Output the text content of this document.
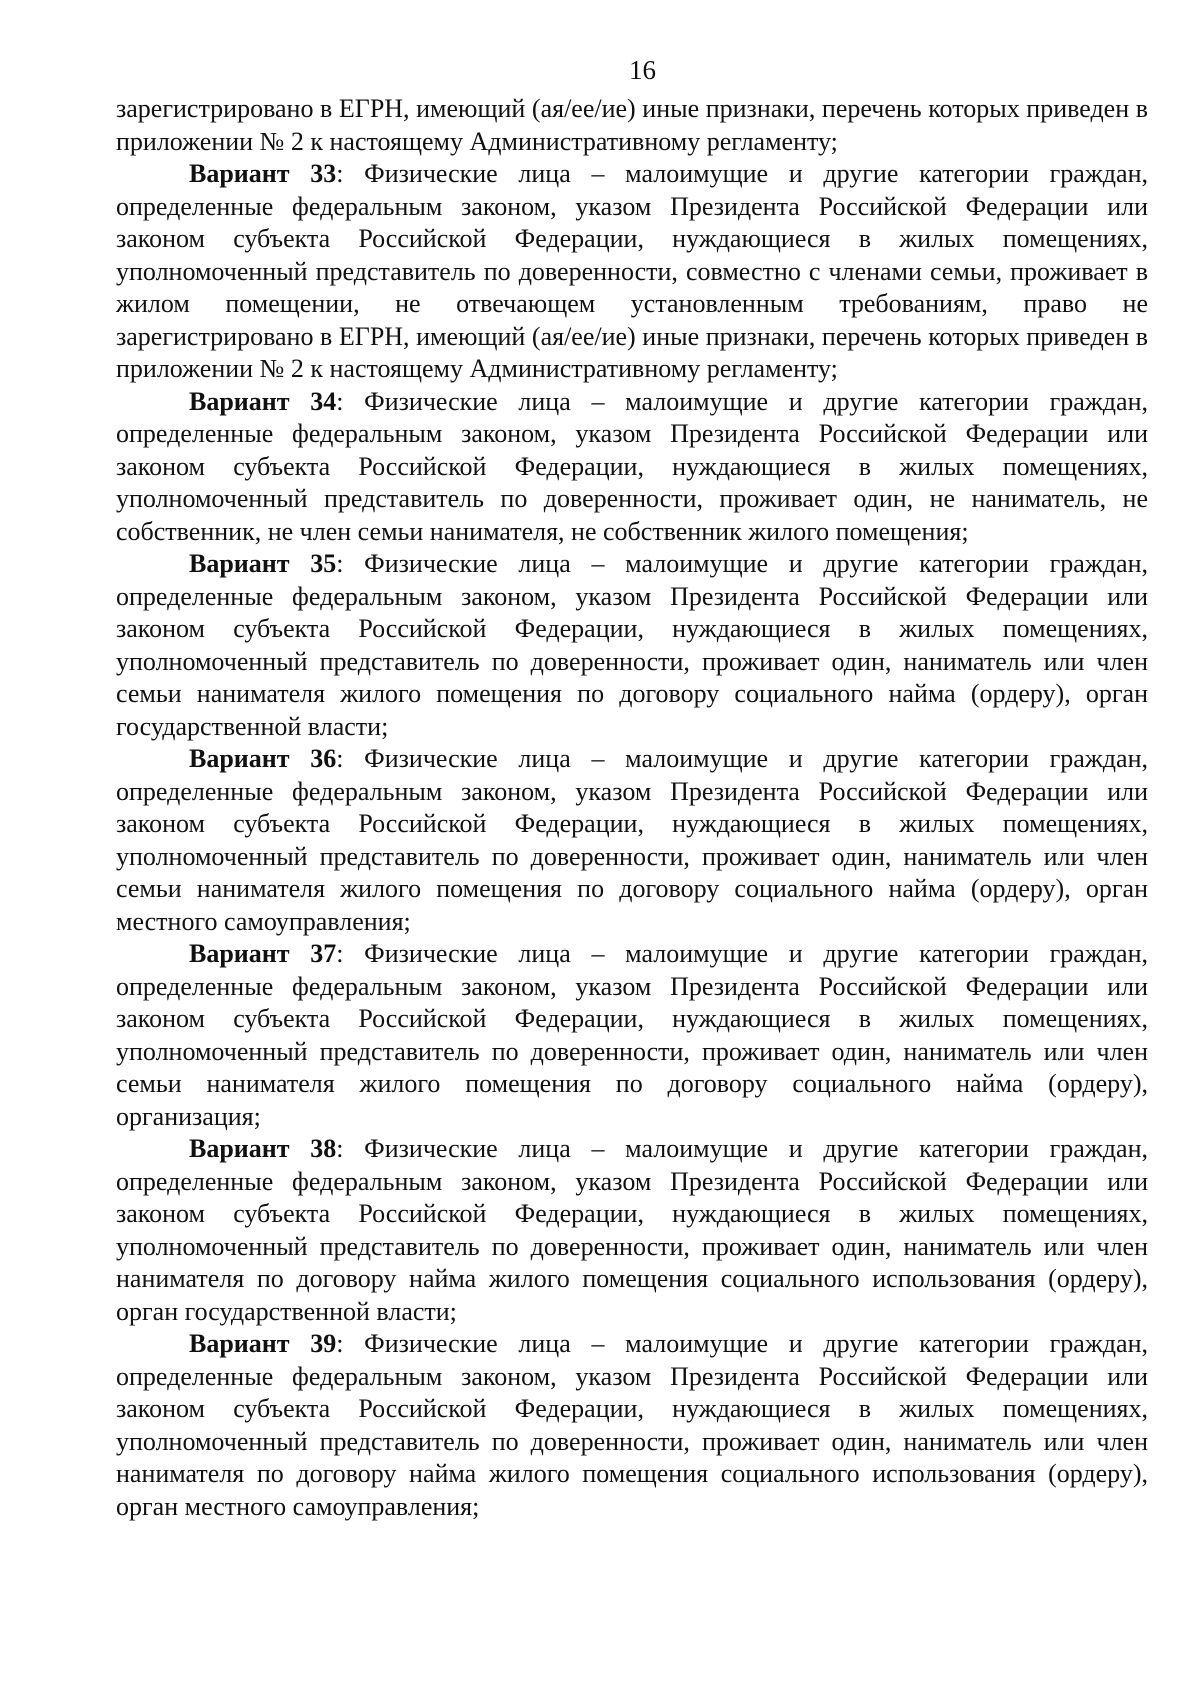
16

зарегистрировано в ЕГРН, имеющий (ая/ее/ие) иные признаки, перечень которых приведен в приложении № 2 к настоящему Административному регламенту;

Вариант 33: Физические лица – малоимущие и другие категории граждан, определенные федеральным законом, указом Президента Российской Федерации или законом субъекта Российской Федерации, нуждающиеся в жилых помещениях, уполномоченный представитель по доверенности, совместно с членами семьи, проживает в жилом помещении, не отвечающем установленным требованиям, право не зарегистрировано в ЕГРН, имеющий (ая/ее/ие) иные признаки, перечень которых приведен в приложении № 2 к настоящему Административному регламенту;

Вариант 34: Физические лица – малоимущие и другие категории граждан, определенные федеральным законом, указом Президента Российской Федерации или законом субъекта Российской Федерации, нуждающиеся в жилых помещениях, уполномоченный представитель по доверенности, проживает один, не наниматель, не собственник, не член семьи нанимателя, не собственник жилого помещения;

Вариант 35: Физические лица – малоимущие и другие категории граждан, определенные федеральным законом, указом Президента Российской Федерации или законом субъекта Российской Федерации, нуждающиеся в жилых помещениях, уполномоченный представитель по доверенности, проживает один, наниматель или член семьи нанимателя жилого помещения по договору социального найма (ордеру), орган государственной власти;

Вариант 36: Физические лица – малоимущие и другие категории граждан, определенные федеральным законом, указом Президента Российской Федерации или законом субъекта Российской Федерации, нуждающиеся в жилых помещениях, уполномоченный представитель по доверенности, проживает один, наниматель или член семьи нанимателя жилого помещения по договору социального найма (ордеру), орган местного самоуправления;

Вариант 37: Физические лица – малоимущие и другие категории граждан, определенные федеральным законом, указом Президента Российской Федерации или законом субъекта Российской Федерации, нуждающиеся в жилых помещениях, уполномоченный представитель по доверенности, проживает один, наниматель или член семьи нанимателя жилого помещения по договору социального найма (ордеру), организация;

Вариант 38: Физические лица – малоимущие и другие категории граждан, определенные федеральным законом, указом Президента Российской Федерации или законом субъекта Российской Федерации, нуждающиеся в жилых помещениях, уполномоченный представитель по доверенности, проживает один, наниматель или член нанимателя по договору найма жилого помещения социального использования (ордеру), орган государственной власти;

Вариант 39: Физические лица – малоимущие и другие категории граждан, определенные федеральным законом, указом Президента Российской Федерации или законом субъекта Российской Федерации, нуждающиеся в жилых помещениях, уполномоченный представитель по доверенности, проживает один, наниматель или член нанимателя по договору найма жилого помещения социального использования (ордеру), орган местного самоуправления;
